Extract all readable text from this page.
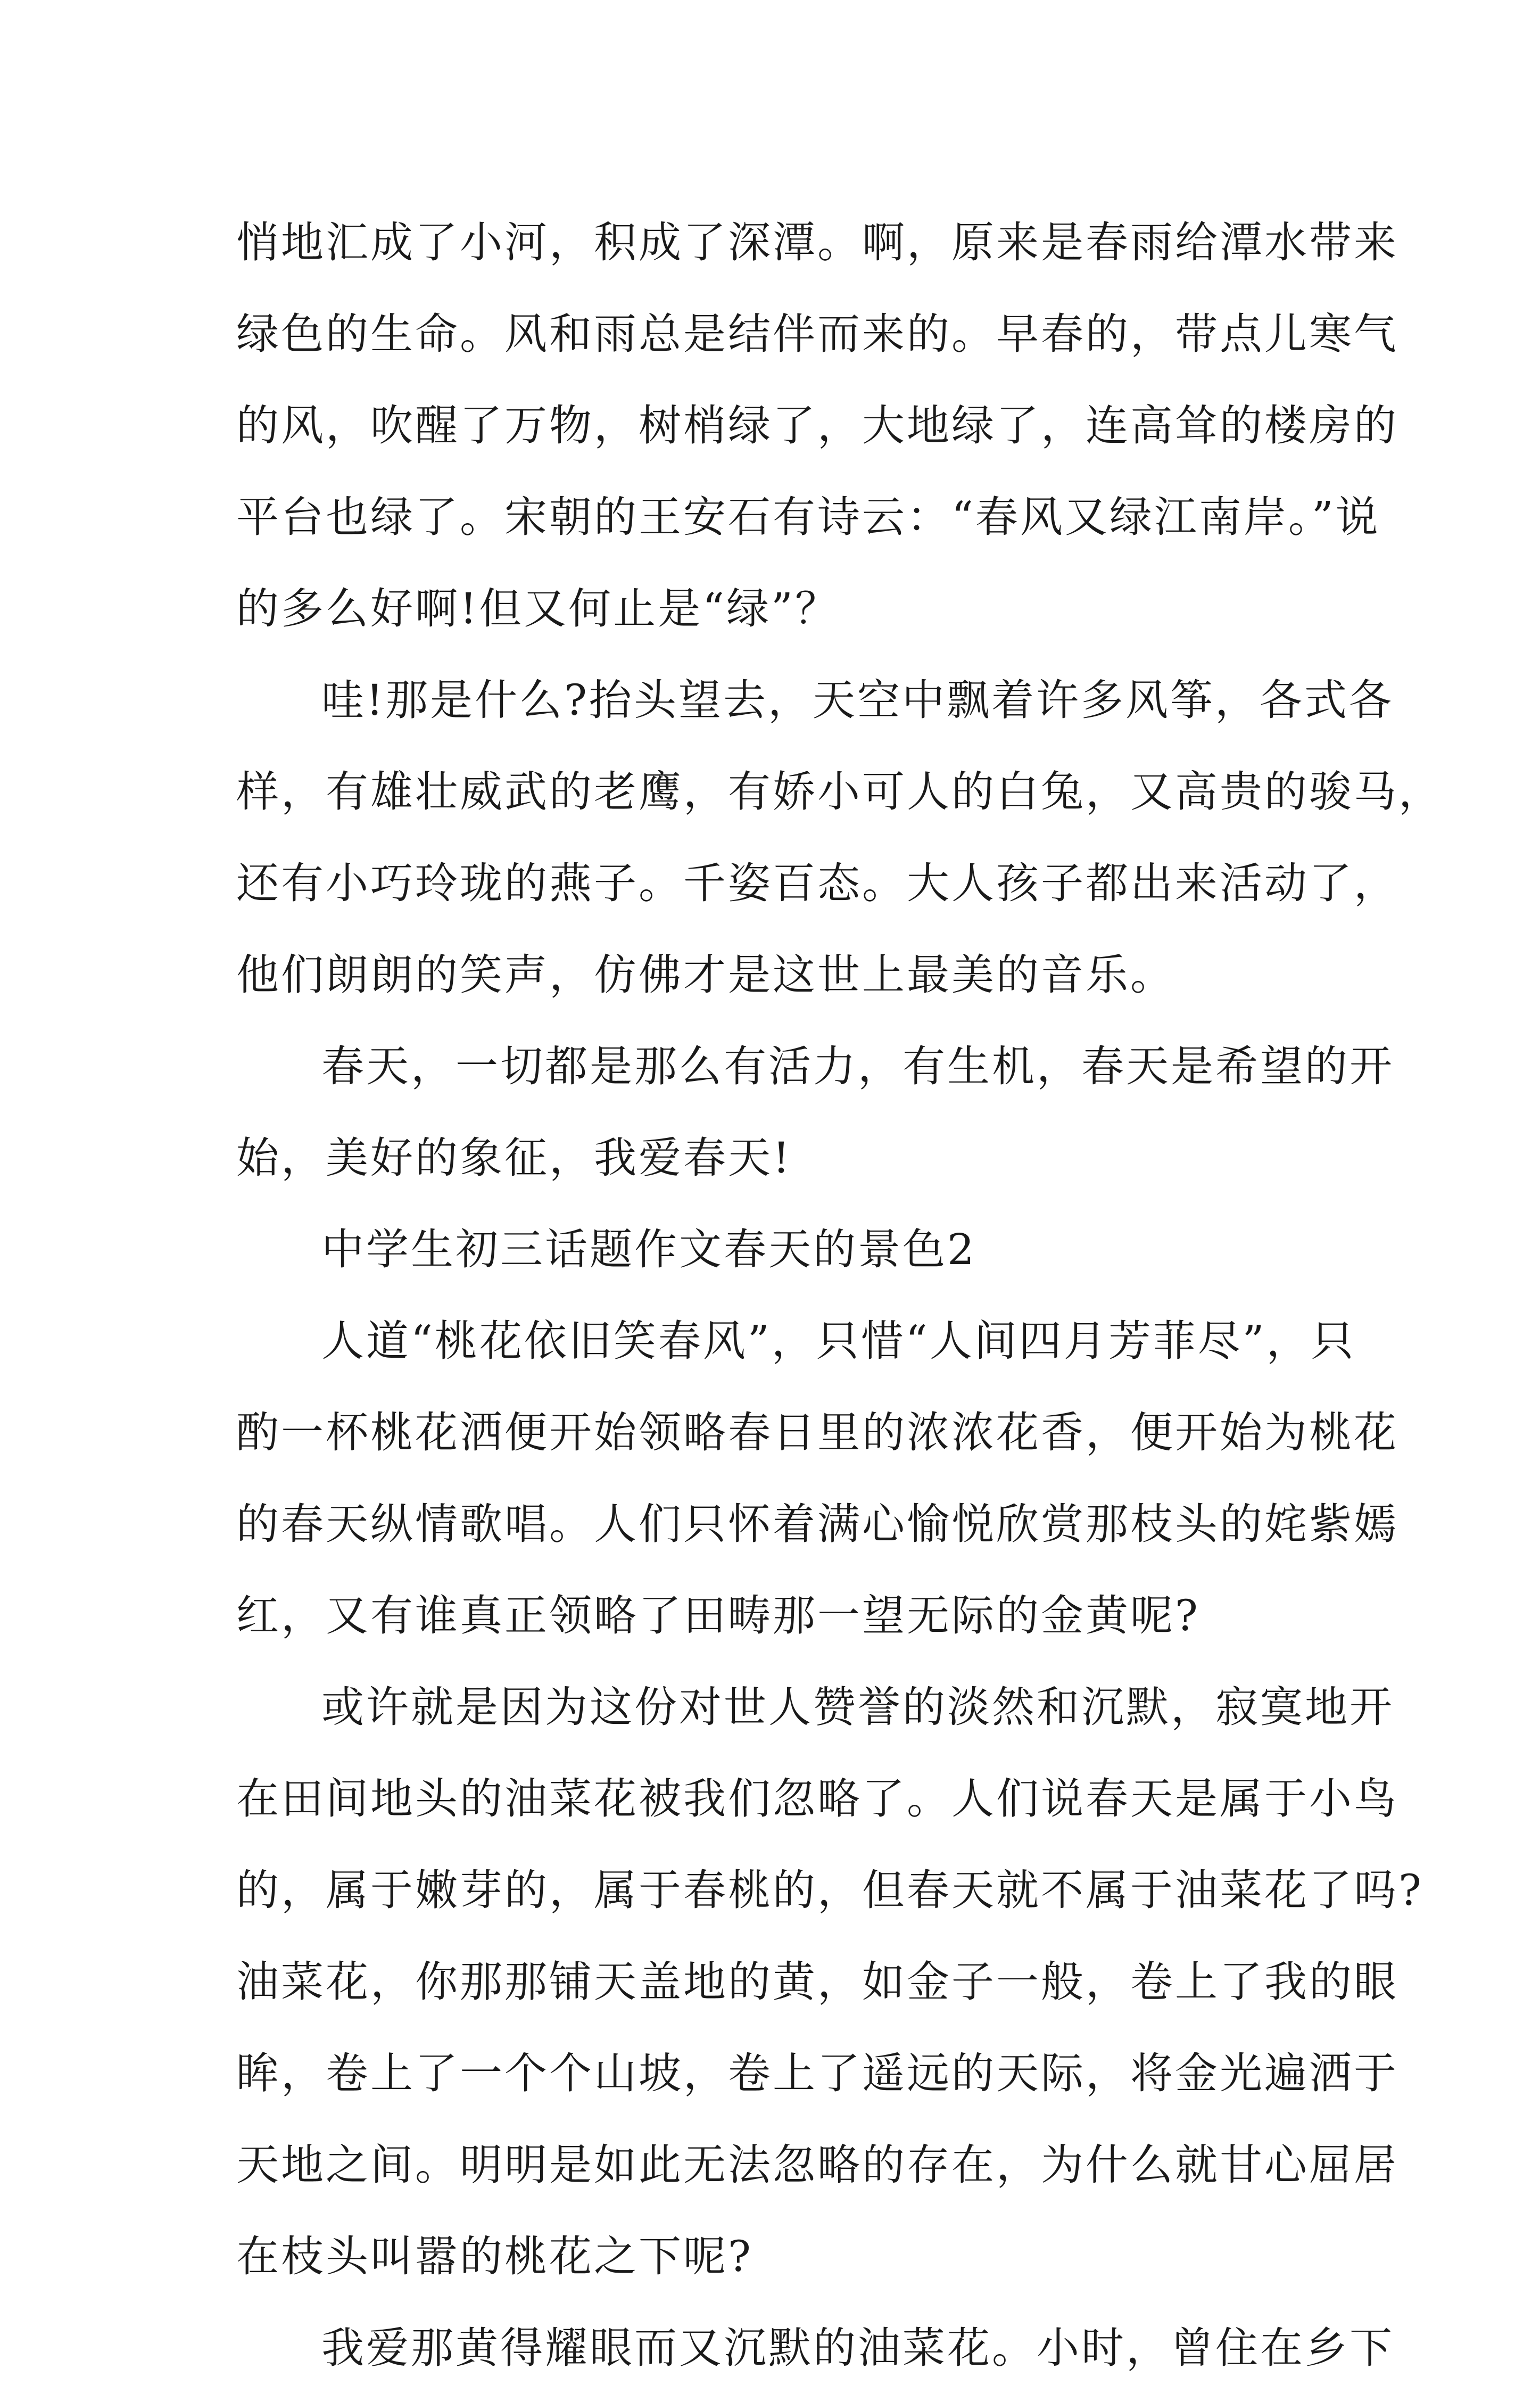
悄地汇成了小河，积成了深潭。啊，原来是春雨给潭水带来
绿色的生命。风和雨总是结伴而来的。早春的，带点儿寒气
的风，吹醒了万物，树梢绿了，大地绿了，连高耸的楼房的
平台也绿了。宋朝的王安石有诗云：“春风又绿江南岸。”说
的多么好啊!但又何止是“绿”？
哇!那是什么?抬头望去，天空中飘着许多风筝，各式各
样，有雄壮威武的老鹰，有娇小可人的白兔，又高贵的骏马，
还有小巧玲珑的燕子。千姿百态。大人孩子都出来活动了，
他们朗朗的笑声，仿佛才是这世上最美的音乐。
春天，一切都是那么有活力，有生机，春天是希望的开
始，美好的象征，我爱春天!
中学生初三话题作文春天的景色2
人道“桃花依旧笑春风”，只惜“人间四月芳菲尽”，只
酌一杯桃花洒便开始领略春日里的浓浓花香，便开始为桃花
的春天纵情歌唱。人们只怀着满心愉悦欣赏那枝头的姹紫嫣
红，又有谁真正领略了田畴那一望无际的金黄呢?
或许就是因为这份对世人赞誉的淡然和沉默，寂寞地开
在田间地头的油菜花被我们忽略了。人们说春天是属于小鸟
的，属于嫩芽的，属于春桃的，但春天就不属于油菜花了吗?
油菜花，你那那铺天盖地的黄，如金子一般，卷上了我的眼
眸，卷上了一个个山坡，卷上了遥远的天际，将金光遍洒于
天地之间。明明是如此无法忽略的存在，为什么就甘心屈居
在枝头叫嚣的桃花之下呢?
我爱那黄得耀眼而又沉默的油菜花。小时，曾住在乡下
